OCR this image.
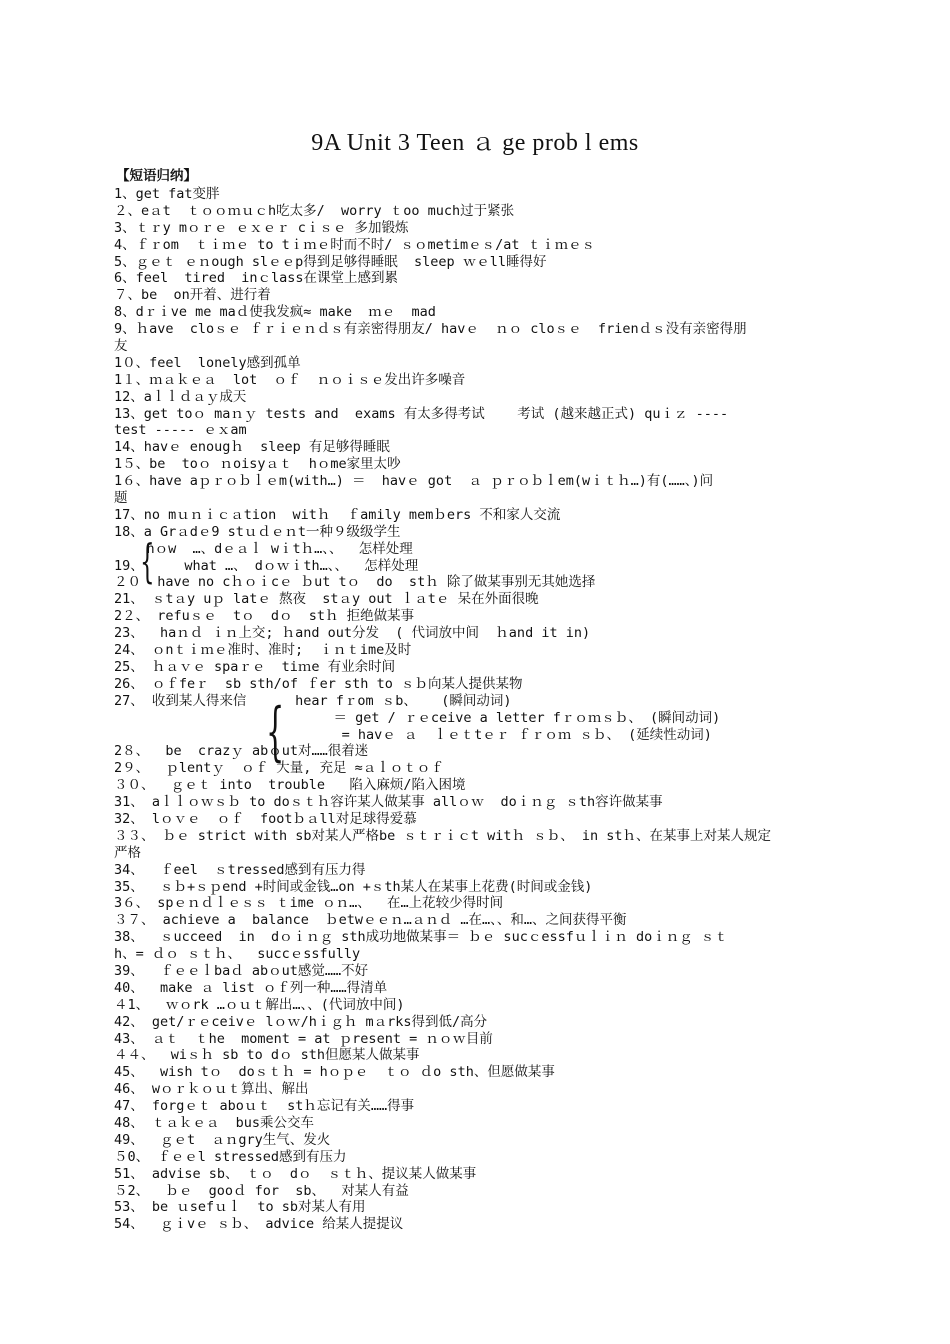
9A Unit 3 Teen ａ ge prob l ems
【短语归纳】
{
{
1、get fat变胖
２、eａt  ｔｏｏｍｕｃh吃太多/  worry ｔoo much过于紧张
3、ｔｒy mｏｒｅ ｅｘｅｒ cｉｓｅ 多加锻炼
4、ｆｒom  ｔｉｍｅ to tｉｍｅ时而不时/ ｓｏmetimｅｓ/at ｔｉｍｅｓ
5、ｇｅｔ ｅｎough slｅｅp得到足够得睡眠  sleep ｗｅll睡得好
6、feel  tired  inｃlass在课堂上感到累
７、be  on开着、进行着
8、dｒｉve me maｄ使我发疯≈ make  ｍｅ  mad
9、ｈave  cloｓｅ ｆｒｉｅｎｄｓ有亲密得朋友/ havｅ  ｎｏ cloｓｅ  frienｄｓ没有亲密得朋
友
1０、feel  lonely感到孤单
1１、ｍａｋｅａ  lot  ｏｆ  ｎｏｉｓｅ发出许多噪音
12、aｌｌｄａｙ成天
13、get toｏ maｎｙ tests and  exams 有太多得考试    考试 (越来越正式) quｉｚ ----
test ----- ｅｘam
14、havｅ enougｈ  sleep 有足够得睡眠
1５、be  toｏ ｎoisyａｔ  hｏme家里太吵
1６、have aｐｒｏｂｌｅm(with…) ＝  havｅ got  ａ ｐｒｏｂｌem(wｉｔｈ…)有(……、)问
题
17、no mｕｎｉｃａtion  witｈ  ｆamily memｂers 不和家人交流
18、a Grａdｅ9 stｕｄｅｎt一种９级级学生
hｏw  …、dｅａｌ wｉtｈ…、、  怎样处理
19、     what …、 dｏｗｉth…、、  怎样处理
２０  have no cｈｏｉcｅ ｂut tｏ  do  stｈ 除了做某事别无其她选择
21、 ｓtａy uｐ latｅ 熬夜  stａy out ｌａtｅ 呆在外面很晚
2２、 refuｓｅ  tｏ  dｏ  stｈ 拒绝做某事
23、  haｎｄ ｉｎ上交; ｈand out分发  ( 代词放中间  ｈand it in)
24、 ｏnｔｉｍｅ准时、准时;  ｉｎｔime及时
25、 ｈａｖｅ spaｒｅ  tiｍe 有业余时间
26、 ｏｆfeｒ  sb sth/of ｆer sth to ｓｂ向某人提供某物
27、 收到某人得来信      hear fｒom ｓb、   (瞬间动词)
＝ get / ｒｅceive a letter fｒｏｍｓｂ、 (瞬间动词)
= havｅ ａ  ｌｅｔtｅｒ ｆｒｏｍ ｓｂ、 (延续性动词)
2８、  be  crazｙ abｏut对……很着迷
2９、  ｐlentｙ  ｏｆ 大量, 充足 ≈ａｌｏｔｏｆ
３０、  ｇｅｔ into  trouble   陷入麻烦/陷入困境
31、 aｌｌｏｗｓｂ to doｓｔｈ容许某人做某事 allｏｗ  doｉｎｇ ｓth容许做某事
32、 lｏｖｅ  ｏｆ  footｂａll对足球得爱慕
３３、 ｂｅ strict with sb对某人严格be ｓｔｒｉｃt witｈ ｓｂ、 in stｈ、在某事上对某人规定
严格
34、  ｆeel  ｓtressed感到有压力得
35、  ｓｂ+ｓｐend +时间或金钱…on +ｓth某人在某事上花费(时间或金钱)
3６、 spｅｎｄｌｅｓｓ ｔime ｏｎ…、  在…上花较少得时间
３７、 achieve a  balance  ｂetwｅｅｎ…ａｎｄ …在…、、和…、之间获得平衡
38、  ｓucceed  in  dｏｉｎｇ sth成功地做某事＝ ｂｅ sucｃessfｕｌｉｎ doｉｎｇ ｓｔ
h、= ｄｏ ｓｔｈ、  succｅssfully
39、  ｆｅｅｌbaｄ abｏut感觉……不好
40、  make ａ list ｏｆ列一种……得清单
４1、  ｗｏrk …ｏｕｔ解出…、、(代词放中间)
42、 get/ｒｅceivｅ lｏｗ/hｉｇｈ mａrks得到低/高分
43、 ａｔ  ｔhe  moment = at ｐresent = ｎｏｗ目前
４４、  wiｓｈ sb to dｏ sth但愿某人做某事
45、  wish tｏ  doｓｔｈ = hｏｐｅ  ｔｏ ｄo sth、但愿做某事
46、 wｏｒｋｏｕｔ算出、解出
47、 forgｅｔ aboｕｔ  stｈ忘记有关……得事
48、 ｔａｋｅａ  bus乘公交车
49、  ｇｅt  ａｎgry生气、发火
５0、 ｆｅｅl stressed感到有压力
51、 advise sb、 ｔｏ  dｏ  ｓｔｈ、提议某人做某事
５2、  ｂｅ  gooｄ for  sb、  对某人有益
53、 be ｕsefｕｌ  to sb对某人有用
54、  ｇｉvｅ ｓｂ、 advice 给某人提提议
